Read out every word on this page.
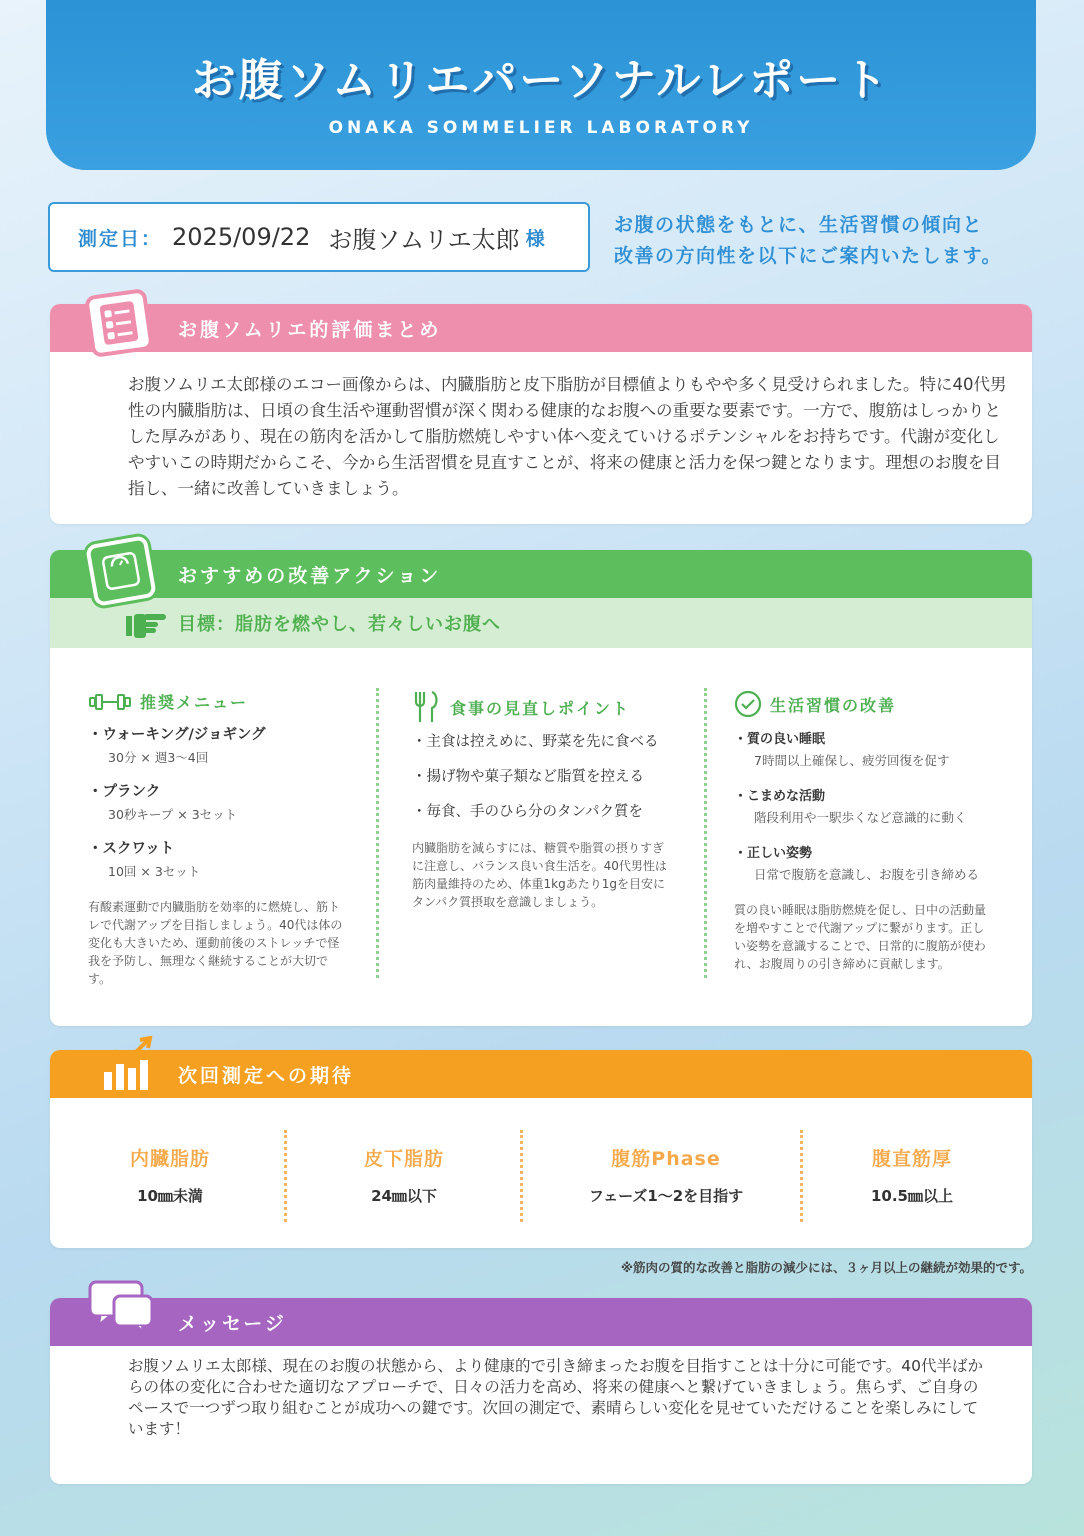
お腹ソムリエパーソナルレポート
ONAKA SOMMELIER LABORATORY
測定日： 2025/09/22 お腹ソムリエ太郎 様
お腹の状態をもとに、生活習慣の傾向と
改善の方向性を以下にご案内いたします。
お腹ソムリエ的評価まとめ
お腹ソムリエ太郎様のエコー画像からは、内臓脂肪と皮下脂肪が目標値よりもやや多く見受けられました。特に40代男性の内臓脂肪は、日頃の食生活や運動習慣が深く関わる健康的なお腹への重要な要素です。一方で、腹筋はしっかりとした厚みがあり、現在の筋肉を活かして脂肪燃焼しやすい体へ変えていけるポテンシャルをお持ちです。代謝が変化しやすいこの時期だからこそ、今から生活習慣を見直すことが、将来の健康と活力を保つ鍵となります。理想のお腹を目指し、一緒に改善していきましょう。
おすすめの改善アクション
目標：脂肪を燃やし、若々しいお腹へ
推奨メニュー
・ウォーキング/ジョギング
30分 × 週3〜4回
・プランク
30秒キープ × 3セット
・スクワット
10回 × 3セット
有酸素運動で内臓脂肪を効率的に燃焼し、筋トレで代謝アップを目指しましょう。40代は体の変化も大きいため、運動前後のストレッチで怪我を予防し、無理なく継続することが大切です。
食事の見直しポイント
・主食は控えめに、野菜を先に食べる
・揚げ物や菓子類など脂質を控える
・毎食、手のひら分のタンパク質を
内臓脂肪を減らすには、糖質や脂質の摂りすぎに注意し、バランス良い食生活を。40代男性は筋肉量維持のため、体重1kgあたり1gを目安にタンパク質摂取を意識しましょう。
生活習慣の改善
・質の良い睡眠
7時間以上確保し、疲労回復を促す
・こまめな活動
階段利用や一駅歩くなど意識的に動く
・正しい姿勢
日常で腹筋を意識し、お腹を引き締める
質の良い睡眠は脂肪燃焼を促し、日中の活動量を増やすことで代謝アップに繋がります。正しい姿勢を意識することで、日常的に腹筋が使われ、お腹周りの引き締めに貢献します。
次回測定への期待
内臓脂肪
10㎜未満
皮下脂肪
24㎜以下
腹筋Phase
フェーズ1〜2を目指す
腹直筋厚
10.5㎜以上
※筋肉の質的な改善と脂肪の減少には、３ヶ月以上の継続が効果的です。
メッセージ
お腹ソムリエ太郎様、現在のお腹の状態から、より健康的で引き締まったお腹を目指すことは十分に可能です。40代半ばからの体の変化に合わせた適切なアプローチで、日々の活力を高め、将来の健康へと繋げていきましょう。焦らず、ご自身のペースで一つずつ取り組むことが成功への鍵です。次回の測定で、素晴らしい変化を見せていただけることを楽しみにしています！
